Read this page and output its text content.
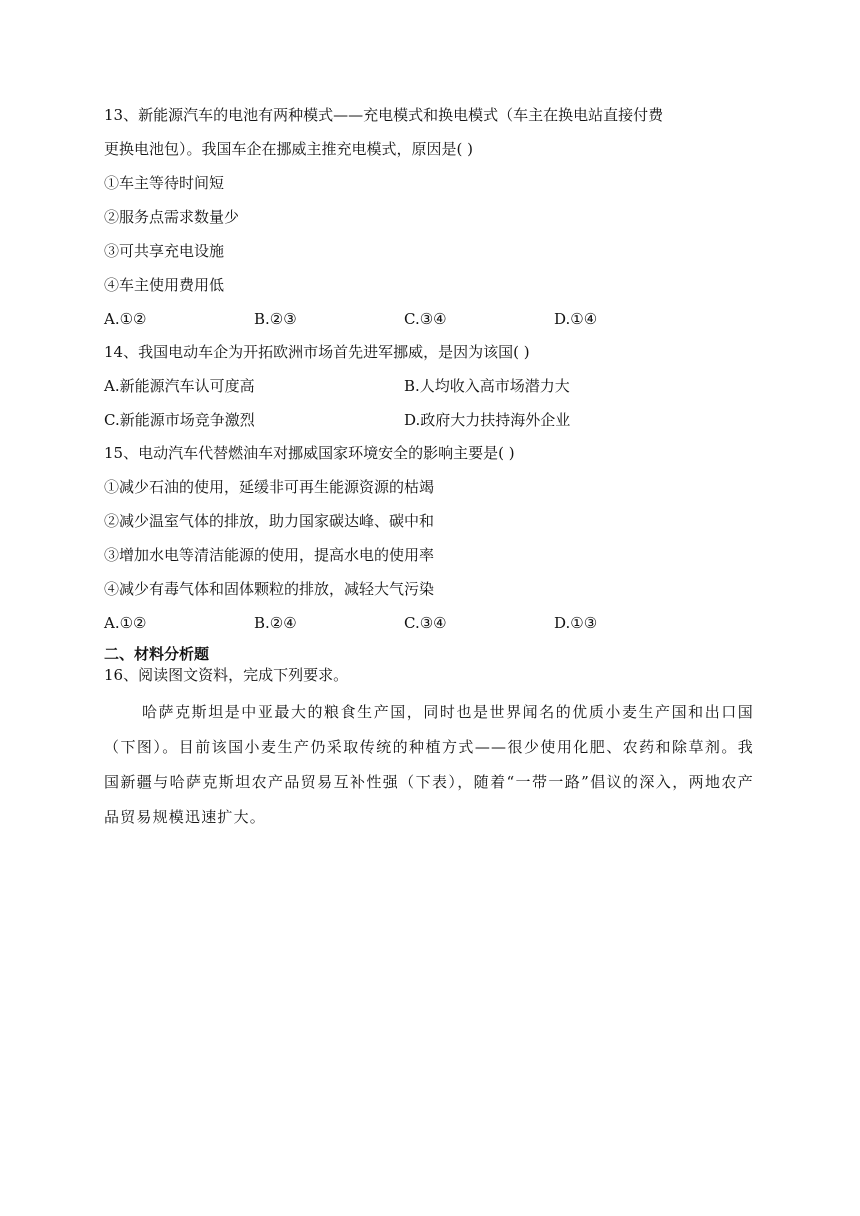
13、新能源汽车的电池有两种模式——充电模式和换电模式（车主在换电站直接付费
更换电池包）。我国车企在挪威主推充电模式，原因是( )
①车主等待时间短
②服务点需求数量少
③可共享充电设施
④车主使用费用低
A.①②	B.②③	C.③④	D.①④
14、我国电动车企为开拓欧洲市场首先进军挪威，是因为该国( )
A.新能源汽车认可度高	B.人均收入高市场潜力大
C.新能源市场竞争激烈	D.政府大力扶持海外企业
15、电动汽车代替燃油车对挪威国家环境安全的影响主要是( )
①减少石油的使用，延缓非可再生能源资源的枯竭
②减少温室气体的排放，助力国家碳达峰、碳中和
③增加水电等清洁能源的使用，提高水电的使用率
④减少有毒气体和固体颗粒的排放，减轻大气污染
A.①②	B.②④	C.③④	D.①③
二、材料分析题
16、阅读图文资料，完成下列要求。
哈萨克斯坦是中亚最大的粮食生产国，同时也是世界闻名的优质小麦生产国和出口国（下图）。目前该国小麦生产仍采取传统的种植方式——很少使用化肥、农药和除草剂。我国新疆与哈萨克斯坦农产品贸易互补性强（下表），随着“一带一路”倡议的深入，两地农产品贸易规模迅速扩大。
